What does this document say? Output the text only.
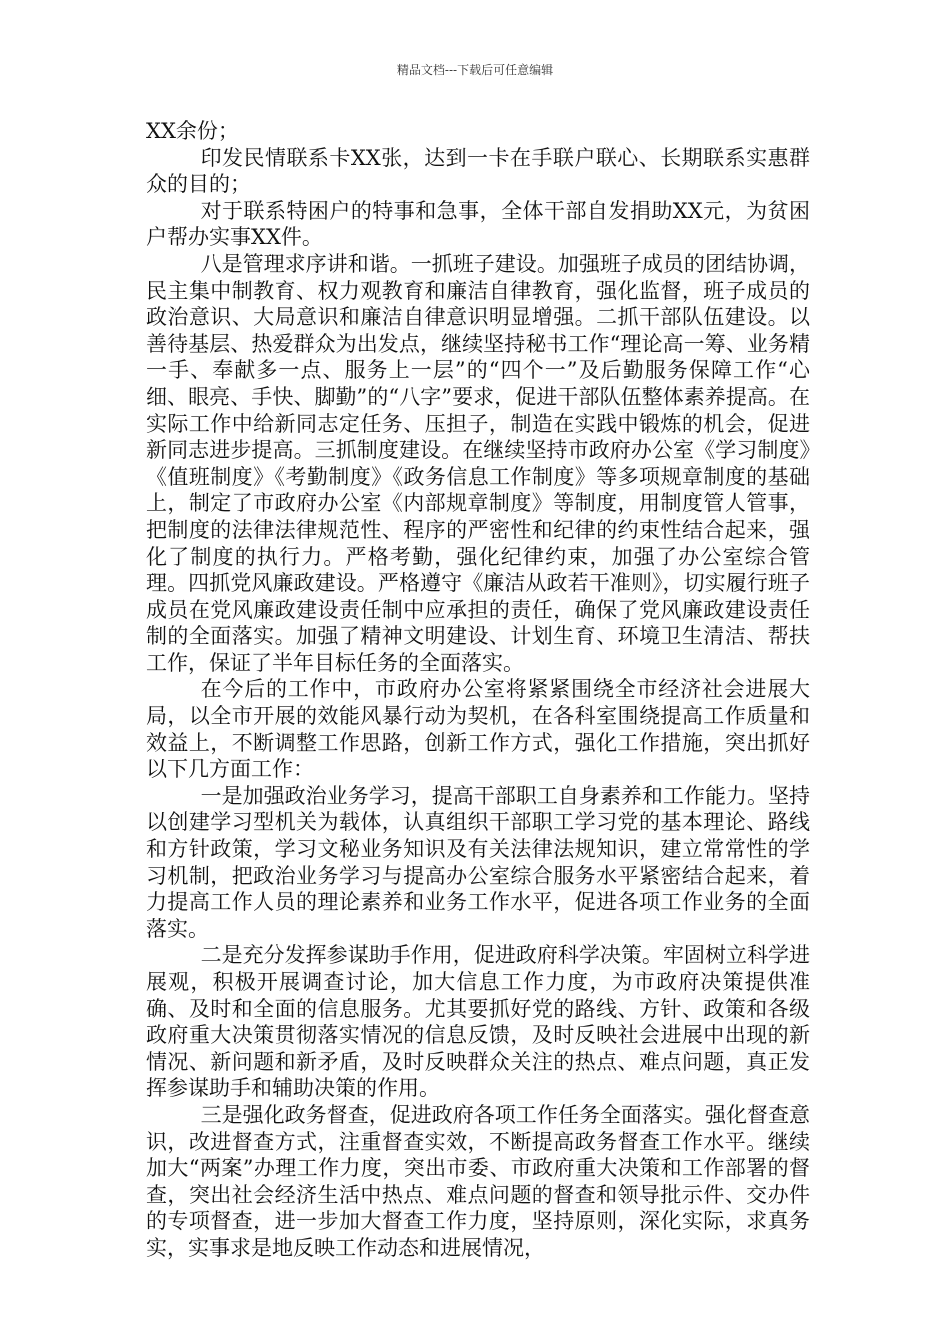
精品文档---下载后可任意编辑

XX余份；

印发民情联系卡XX张，达到一卡在手联户联心、长期联系实惠群众的目的；

对于联系特困户的特事和急事，全体干部自发捐助XX元，为贫困户帮办实事XX件。

八是管理求序讲和谐。一抓班子建设。加强班子成员的团结协调，民主集中制教育、权力观教育和廉洁自律教育，强化监督，班子成员的政治意识、大局意识和廉洁自律意识明显增强。二抓干部队伍建设。以善待基层、热爱群众为出发点，继续坚持秘书工作“理论高一筹、业务精一手、奉献多一点、服务上一层”的“四个一”及后勤服务保障工作“心细、眼亮、手快、脚勤”的“八字”要求，促进干部队伍整体素养提高。在实际工作中给新同志定任务、压担子，制造在实践中锻炼的机会，促进新同志进步提高。三抓制度建设。在继续坚持市政府办公室《学习制度》《值班制度》《考勤制度》《政务信息工作制度》等多项规章制度的基础上，制定了市政府办公室《内部规章制度》等制度，用制度管人管事，把制度的法律法律规范性、程序的严密性和纪律的约束性结合起来，强化了制度的执行力。严格考勤，强化纪律约束，加强了办公室综合管理。四抓党风廉政建设。严格遵守《廉洁从政若干准则》，切实履行班子成员在党风廉政建设责任制中应承担的责任，确保了党风廉政建设责任制的全面落实。加强了精神文明建设、计划生育、环境卫生清洁、帮扶工作，保证了半年目标任务的全面落实。

在今后的工作中，市政府办公室将紧紧围绕全市经济社会进展大局，以全市开展的效能风暴行动为契机，在各科室围绕提高工作质量和效益上，不断调整工作思路，创新工作方式，强化工作措施，突出抓好以下几方面工作：

一是加强政治业务学习，提高干部职工自身素养和工作能力。坚持以创建学习型机关为载体，认真组织干部职工学习党的基本理论、路线和方针政策，学习文秘业务知识及有关法律法规知识，建立常常性的学习机制，把政治业务学习与提高办公室综合服务水平紧密结合起来，着力提高工作人员的理论素养和业务工作水平，促进各项工作业务的全面落实。

二是充分发挥参谋助手作用，促进政府科学决策。牢固树立科学进展观，积极开展调查讨论，加大信息工作力度，为市政府决策提供准确、及时和全面的信息服务。尤其要抓好党的路线、方针、政策和各级政府重大决策贯彻落实情况的信息反馈，及时反映社会进展中出现的新情况、新问题和新矛盾，及时反映群众关注的热点、难点问题，真正发挥参谋助手和辅助决策的作用。

三是强化政务督查，促进政府各项工作任务全面落实。强化督查意识，改进督查方式，注重督查实效，不断提高政务督查工作水平。继续加大“两案”办理工作力度，突出市委、市政府重大决策和工作部署的督查，突出社会经济生活中热点、难点问题的督查和领导批示件、交办件的专项督查，进一步加大督查工作力度，坚持原则，深化实际，求真务实，实事求是地反映工作动态和进展情况，
